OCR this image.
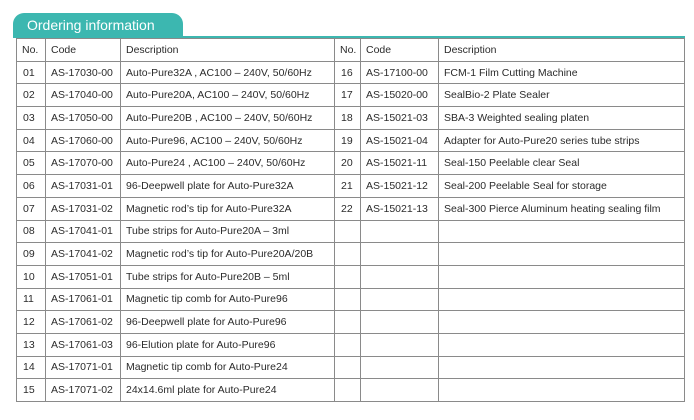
Ordering information
No.	Code	Description	No.	Code	Description
01	AS-17030-00	Auto-Pure32A , AC100 – 240V, 50/60Hz	16	AS-17100-00	FCM-1 Film Cutting Machine
02	AS-17040-00	Auto-Pure20A, AC100 – 240V, 50/60Hz	17	AS-15020-00	SealBio-2 Plate Sealer
03	AS-17050-00	Auto-Pure20B , AC100 – 240V, 50/60Hz	18	AS-15021-03	SBA-3 Weighted sealing platen
04	AS-17060-00	Auto-Pure96, AC100 – 240V, 50/60Hz	19	AS-15021-04	Adapter for Auto-Pure20 series tube strips
05	AS-17070-00	Auto-Pure24 , AC100 – 240V, 50/60Hz	20	AS-15021-11	Seal-150 Peelable clear Seal
06	AS-17031-01	96-Deepwell plate for Auto-Pure32A	21	AS-15021-12	Seal-200 Peelable Seal for storage
07	AS-17031-02	Magnetic rod’s tip for Auto-Pure32A	22	AS-15021-13	Seal-300 Pierce Aluminum heating sealing film
08	AS-17041-01	Tube strips for Auto-Pure20A – 3ml			
09	AS-17041-02	Magnetic rod’s tip for Auto-Pure20A/20B			
10	AS-17051-01	Tube strips for Auto-Pure20B – 5ml			
11	AS-17061-01	Magnetic tip comb for Auto-Pure96			
12	AS-17061-02	96-Deepwell plate for Auto-Pure96			
13	AS-17061-03	96-Elution plate for Auto-Pure96			
14	AS-17071-01	Magnetic tip comb for Auto-Pure24			
15	AS-17071-02	24x14.6ml plate for Auto-Pure24			
